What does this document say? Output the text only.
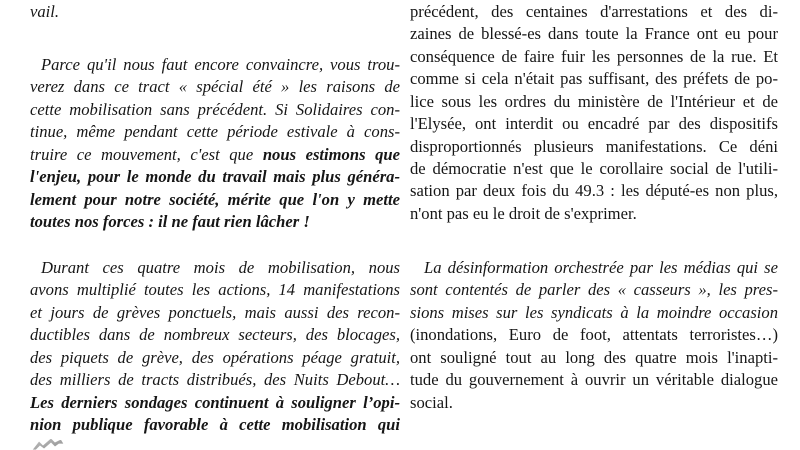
vail.
Parce qu'il nous faut encore convaincre, vous trou-
verez dans ce tract « spécial été » les raisons de
cette mobilisation sans précédent. Si Solidaires con-
tinue, même pendant cette période estivale à cons-
truire ce mouvement, c'est que nous estimons que
l'enjeu, pour le monde du travail mais plus généra-
lement pour notre société, mérite que l'on y mette
toutes nos forces : il ne faut rien lâcher !
Durant ces quatre mois de mobilisation, nous
avons multiplié toutes les actions, 14 manifestations
et jours de grèves ponctuels, mais aussi des recon-
ductibles dans de nombreux secteurs, des blocages,
des piquets de grève, des opérations péage gratuit,
des milliers de tracts distribués, des Nuits Debout…
Les derniers sondages continuent à souligner l’opi-
nion publique favorable à cette mobilisation qui
précédent, des centaines d'arrestations et des di-
zaines de blessé-es dans toute la France ont eu pour
conséquence de faire fuir les personnes de la rue. Et
comme si cela n'était pas suffisant, des préfets de po-
lice sous les ordres du ministère de l'Intérieur et de
l'Elysée, ont interdit ou encadré par des dispositifs
disproportionnés plusieurs manifestations. Ce déni
de démocratie n'est que le corollaire social de l'utili-
sation par deux fois du 49.3 : les député-es non plus,
n'ont pas eu le droit de s'exprimer.
La désinformation orchestrée par les médias qui se
sont contentés de parler des « casseurs », les pres-
sions mises sur les syndicats à la moindre occasion
(inondations, Euro de foot, attentats terroristes…)
ont souligné tout au long des quatre mois l'inapti-
tude du gouvernement à ouvrir un véritable dialogue
social.
